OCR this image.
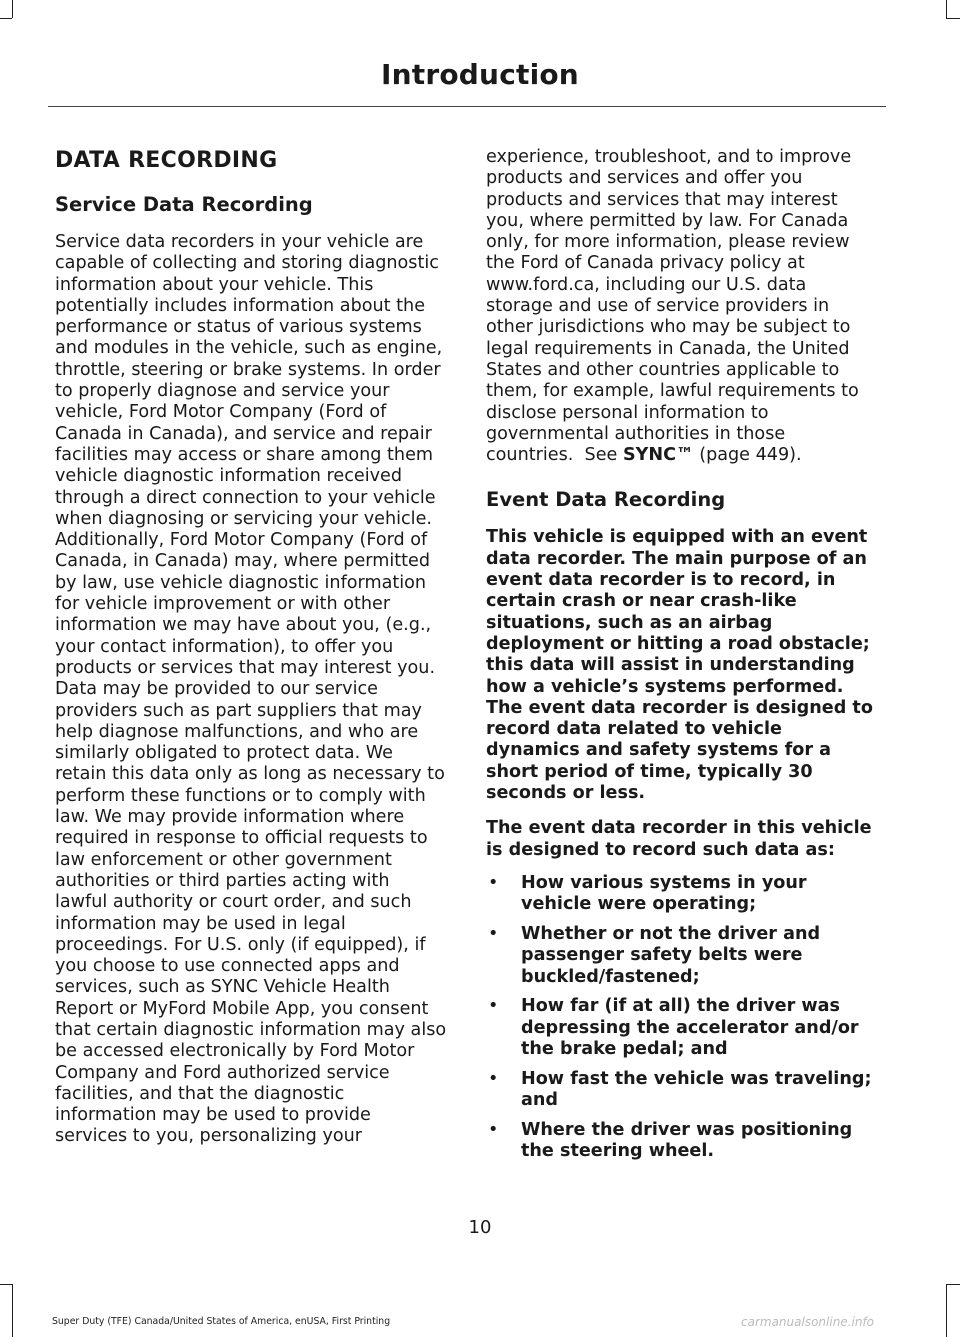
Introduction
DATA RECORDING
Service Data Recording

Service data recorders in your vehicle are capable of collecting and storing diagnostic information about your vehicle. This potentially includes information about the performance or status of various systems and modules in the vehicle, such as engine, throttle, steering or brake systems. In order to properly diagnose and service your vehicle, Ford Motor Company (Ford of Canada in Canada), and service and repair facilities may access or share among them vehicle diagnostic information received through a direct connection to your vehicle when diagnosing or servicing your vehicle. Additionally, Ford Motor Company (Ford of Canada, in Canada) may, where permitted by law, use vehicle diagnostic information for vehicle improvement or with other information we may have about you, (e.g., your contact information), to offer you products or services that may interest you. Data may be provided to our service providers such as part suppliers that may help diagnose malfunctions, and who are similarly obligated to protect data. We retain this data only as long as necessary to perform these functions or to comply with law. We may provide information where required in response to official requests to law enforcement or other government authorities or third parties acting with lawful authority or court order, and such information may be used in legal proceedings. For U.S. only (if equipped), if you choose to use connected apps and services, such as SYNC Vehicle Health Report or MyFord Mobile App, you consent that certain diagnostic information may also be accessed electronically by Ford Motor Company and Ford authorized service facilities, and that the diagnostic information may be used to provide services to you, personalizing your

experience, troubleshoot, and to improve products and services and offer you products and services that may interest you, where permitted by law. For Canada only, for more information, please review the Ford of Canada privacy policy at www.ford.ca, including our U.S. data storage and use of service providers in other jurisdictions who may be subject to legal requirements in Canada, the United States and other countries applicable to them, for example, lawful requirements to disclose personal information to governmental authorities in those countries. See SYNC™ (page 449).

Event Data Recording

This vehicle is equipped with an event data recorder. The main purpose of an event data recorder is to record, in certain crash or near crash-like situations, such as an airbag deployment or hitting a road obstacle; this data will assist in understanding how a vehicle’s systems performed. The event data recorder is designed to record data related to vehicle dynamics and safety systems for a short period of time, typically 30 seconds or less.

The event data recorder in this vehicle is designed to record such data as:

• How various systems in your vehicle were operating;
• Whether or not the driver and passenger safety belts were buckled/fastened;
• How far (if at all) the driver was depressing the accelerator and/or the brake pedal; and
• How fast the vehicle was traveling; and
• Where the driver was positioning the steering wheel.
10
Super Duty (TFE) Canada/United States of America, enUSA, First Printing	carmanualsonline.info
